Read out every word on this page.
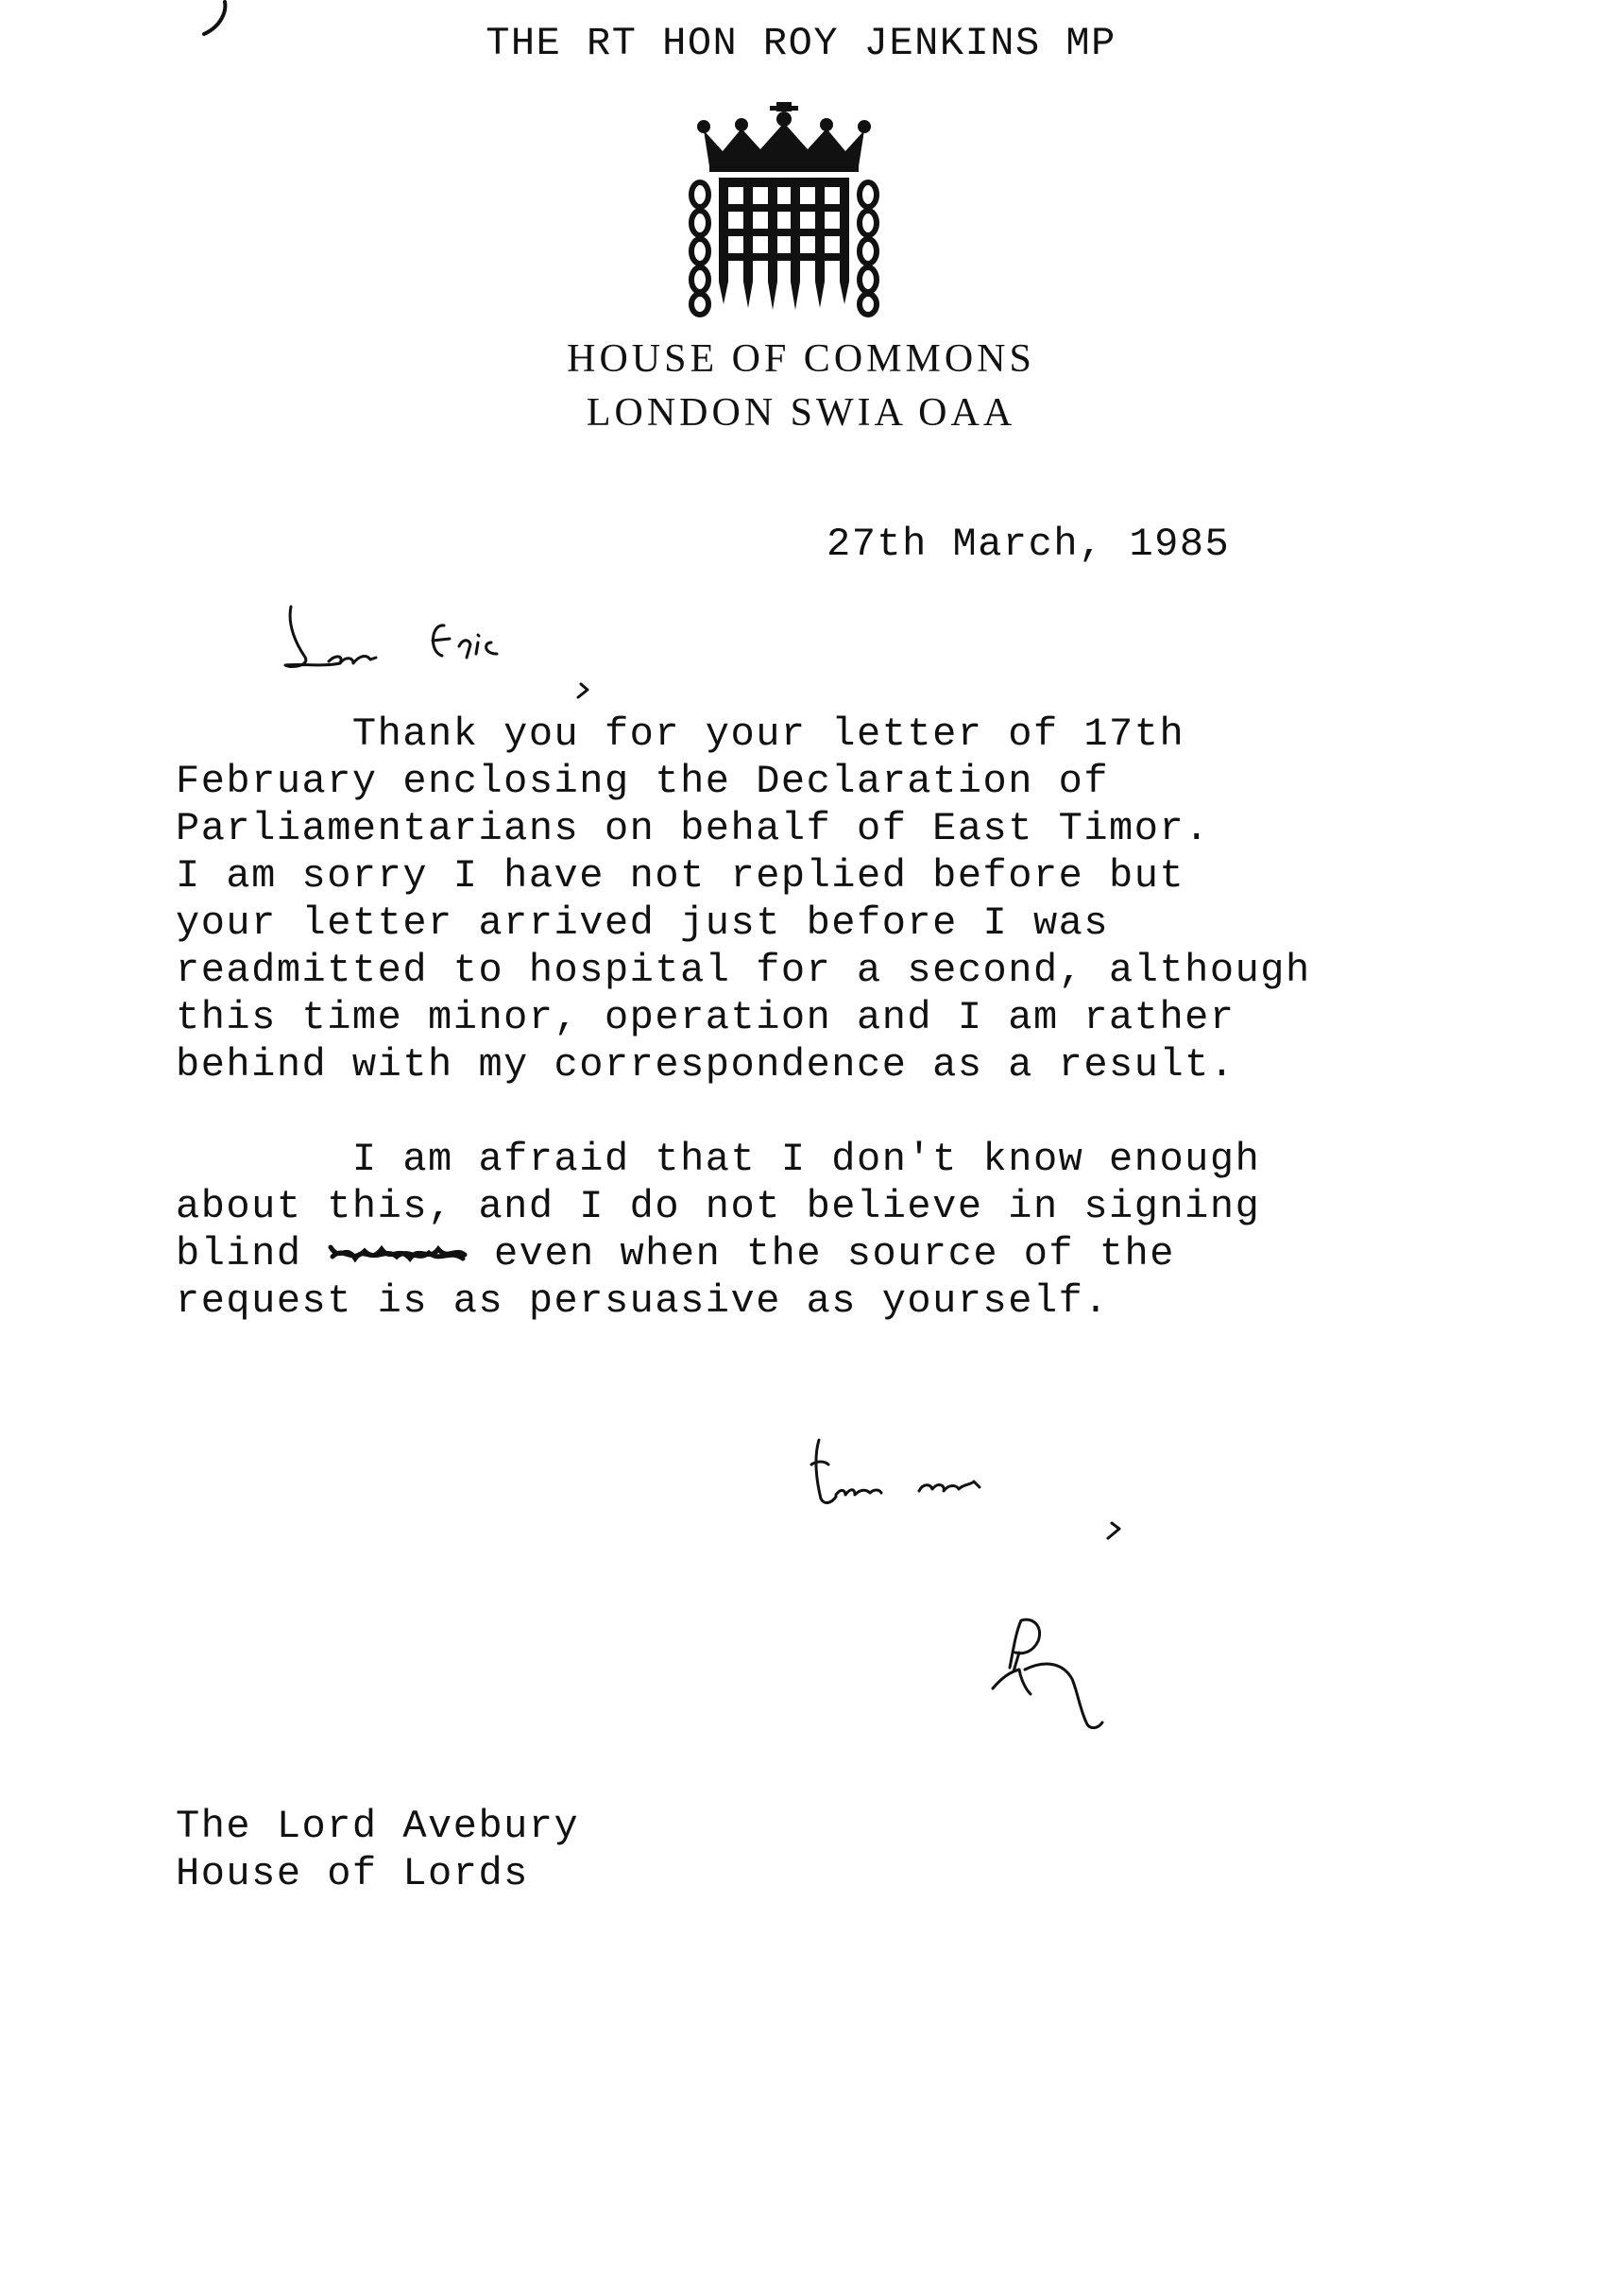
THE RT HON ROY JENKINS MP
HOUSE OF COMMONS
LONDON SWIA OAA
27th March, 1985
Thank you for your letter of 17th
February enclosing the Declaration of
Parliamentarians on behalf of East Timor.
I am sorry I have not replied before but
your letter arrived just before I was
readmitted to hospital for a second, although
this time minor, operation and I am rather
behind with my correspondence as a result.
I am afraid that I don't know enough
about this, and I do not believe in signing
blind	even when the source of the
request is as persuasive as yourself.
The Lord Avebury
House of Lords
